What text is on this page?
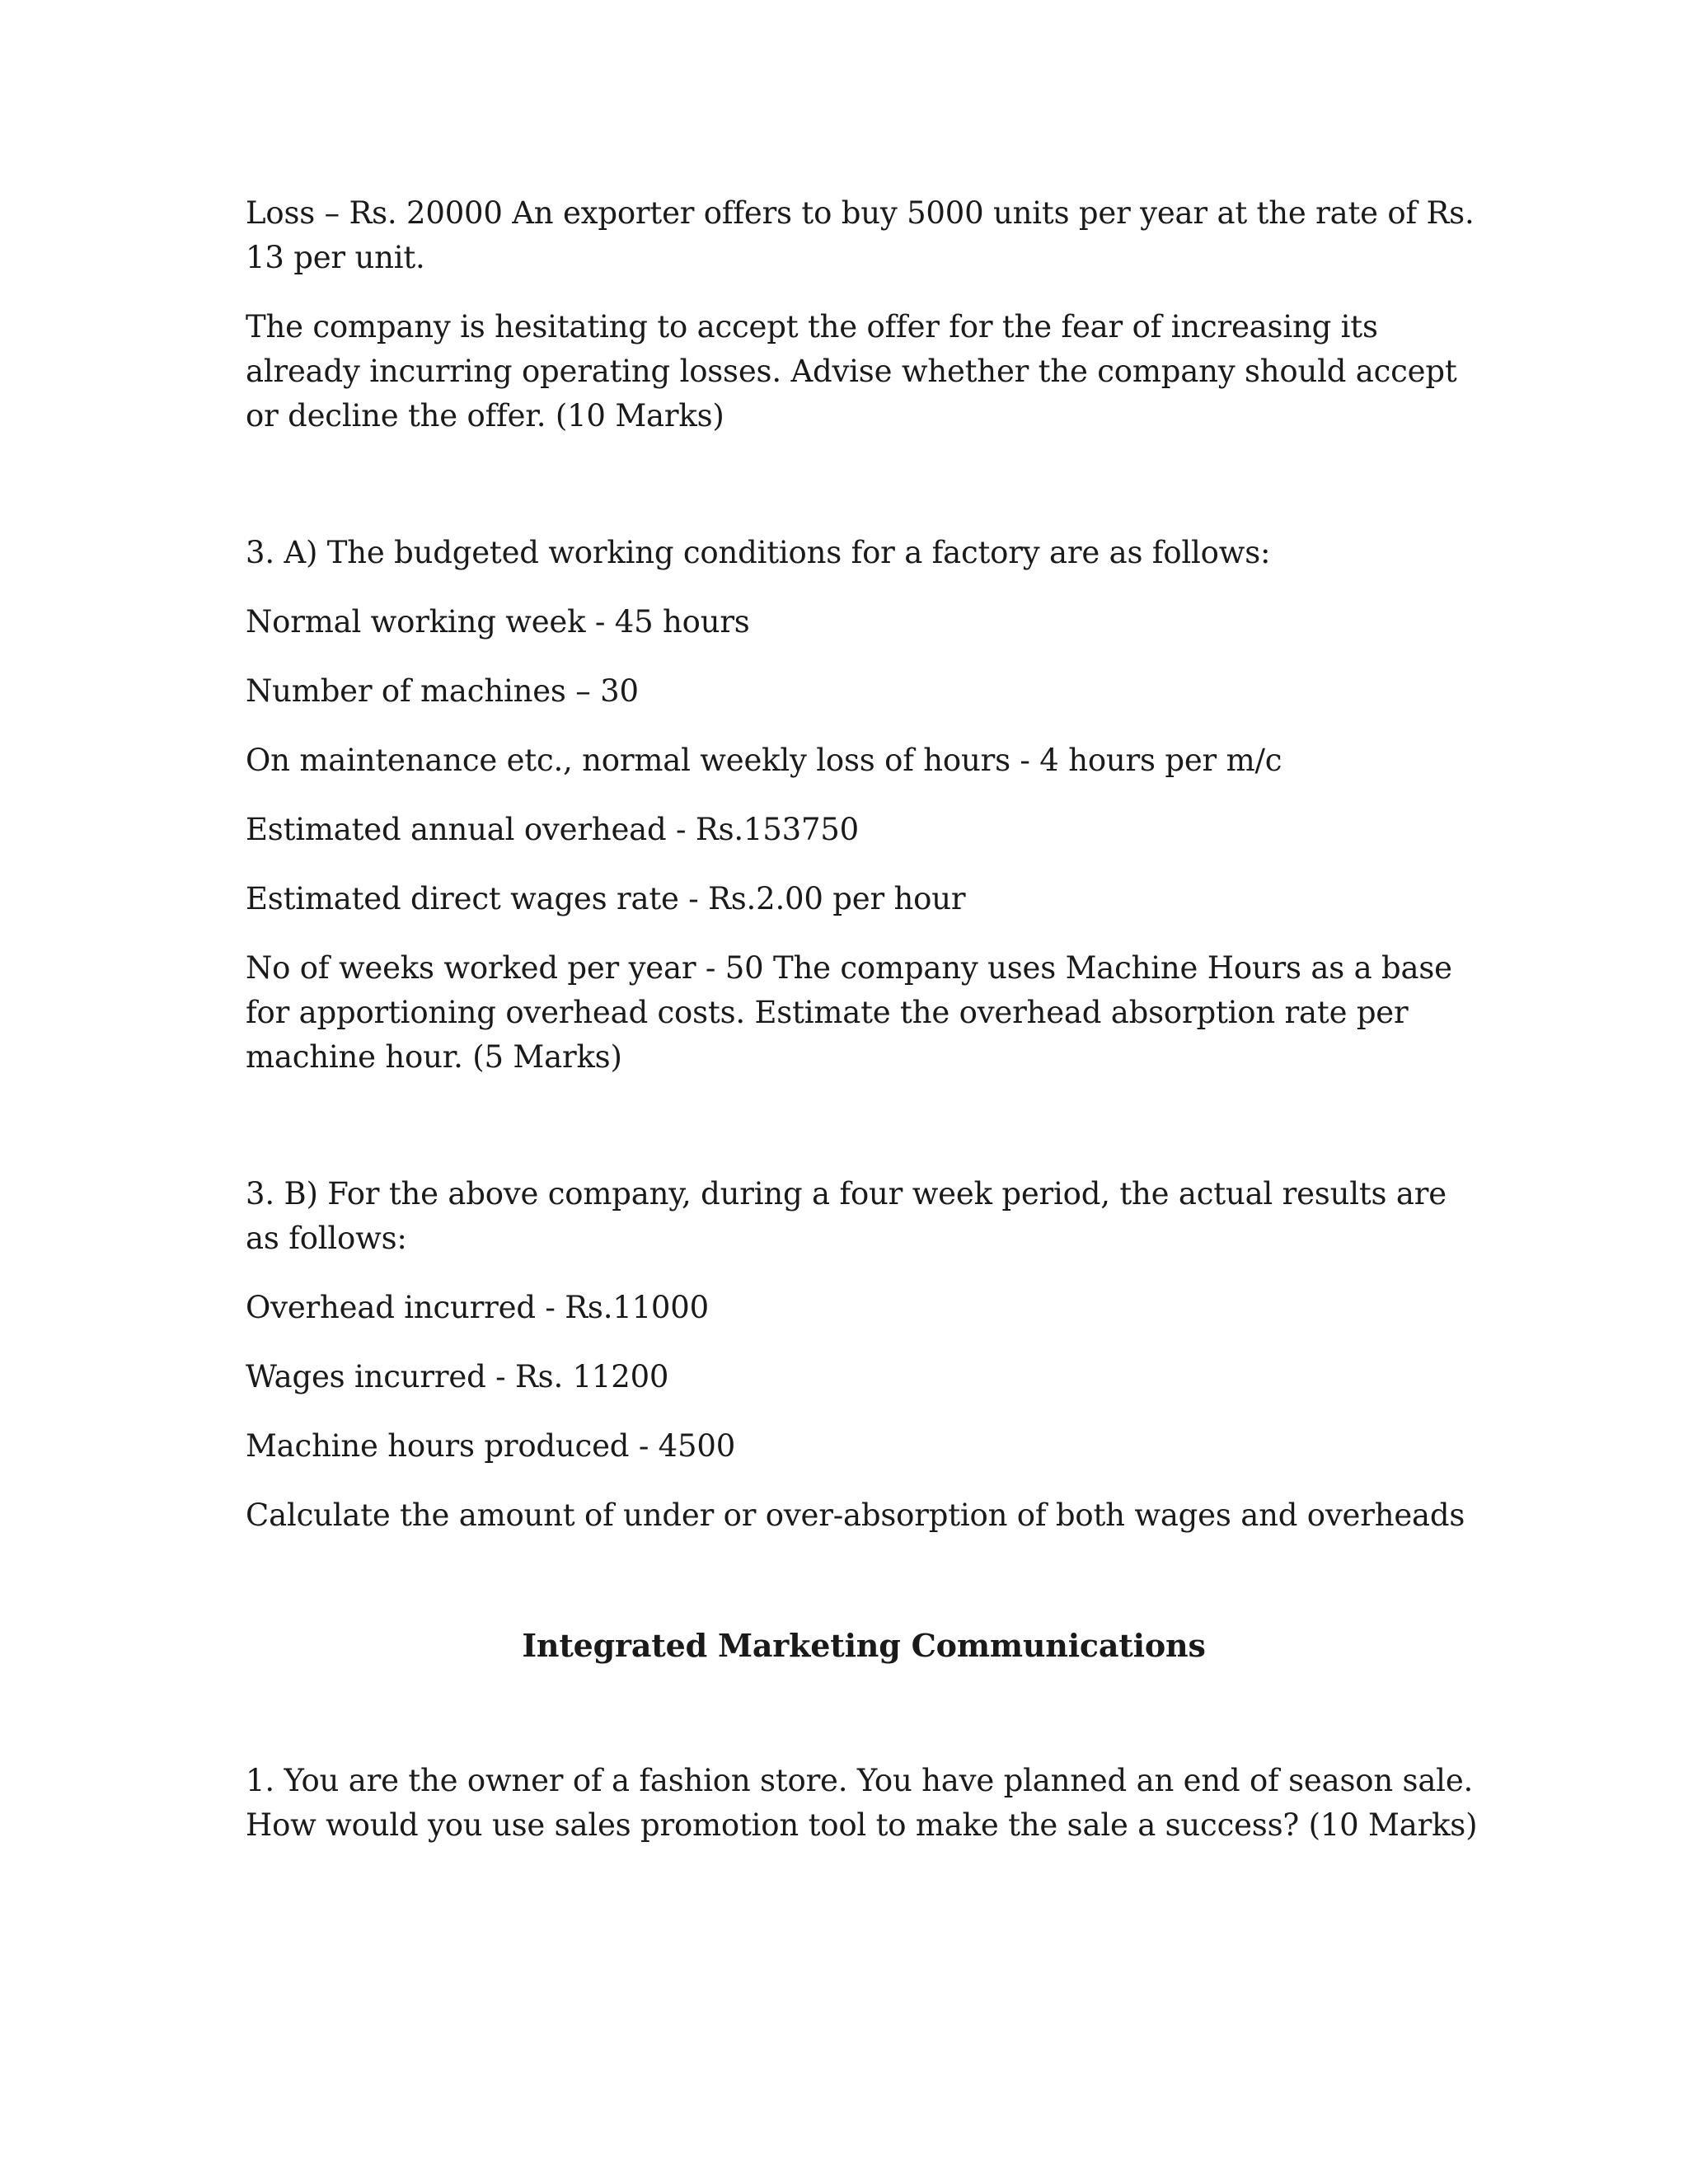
Loss – Rs. 20000 An exporter offers to buy 5000 units per year at the rate of Rs. 13 per unit.

The company is hesitating to accept the offer for the fear of increasing its already incurring operating losses. Advise whether the company should accept or decline the offer. (10 Marks)

3. A) The budgeted working conditions for a factory are as follows:

Normal working week - 45 hours

Number of machines – 30

On maintenance etc., normal weekly loss of hours - 4 hours per m/c

Estimated annual overhead - Rs.153750

Estimated direct wages rate - Rs.2.00 per hour

No of weeks worked per year - 50 The company uses Machine Hours as a base for apportioning overhead costs. Estimate the overhead absorption rate per machine hour. (5 Marks)

3. B) For the above company, during a four week period, the actual results are as follows:

Overhead incurred - Rs.11000

Wages incurred - Rs. 11200

Machine hours produced - 4500

Calculate the amount of under or over-absorption of both wages and overheads

Integrated Marketing Communications

1. You are the owner of a fashion store. You have planned an end of season sale. How would you use sales promotion tool to make the sale a success? (10 Marks)
